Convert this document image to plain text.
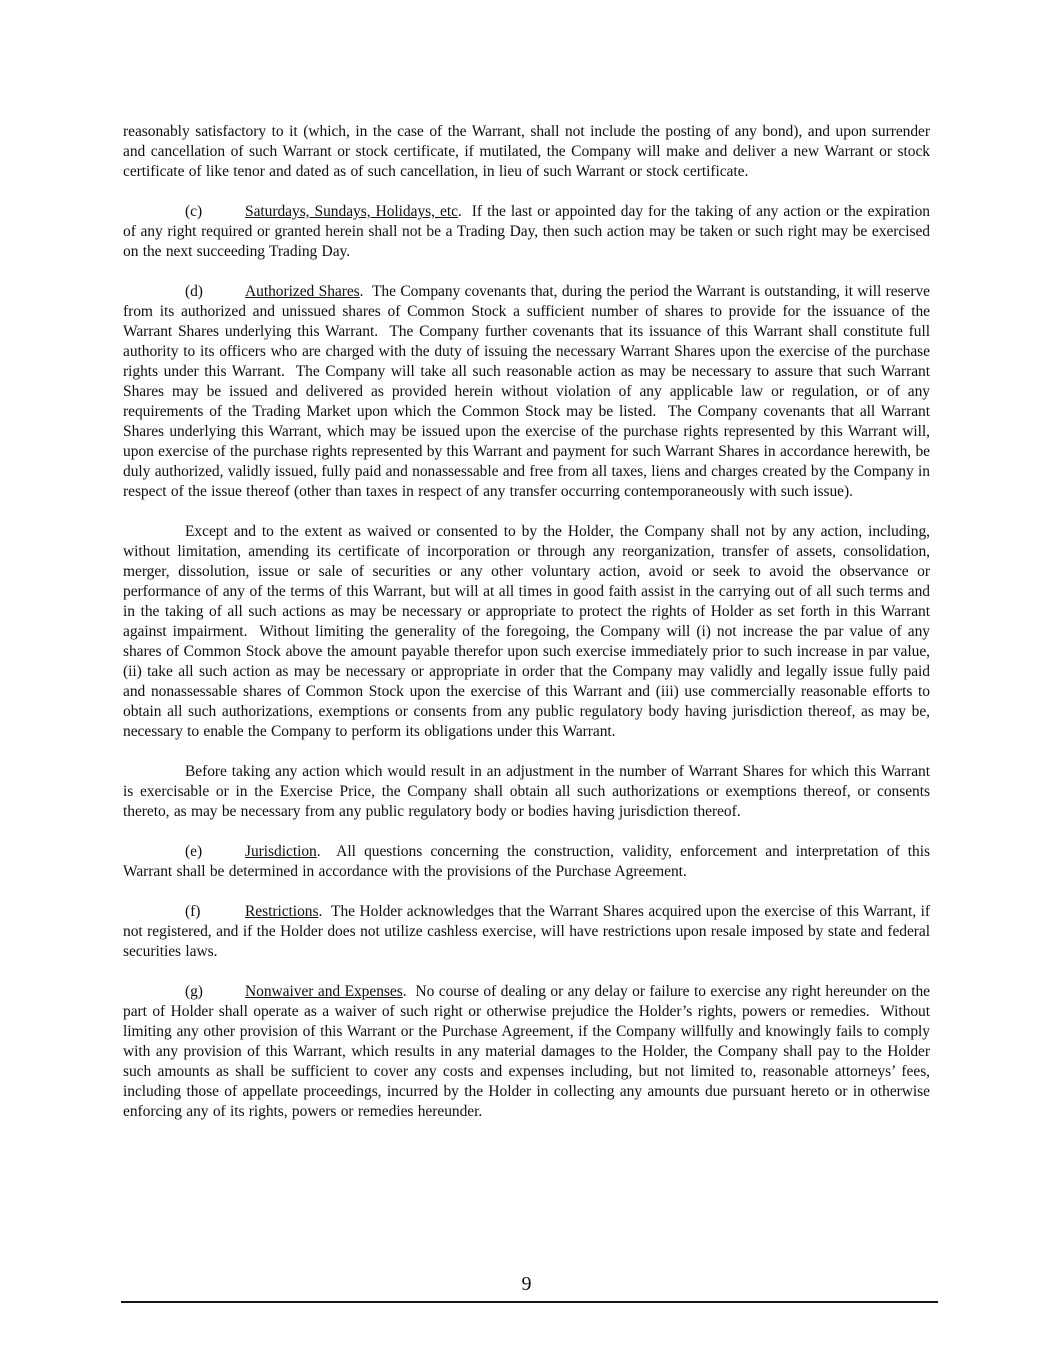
reasonably satisfactory to it (which, in the case of the Warrant, shall not include the posting of any bond), and upon surrender and cancellation of such Warrant or stock certificate, if mutilated, the Company will make and deliver a new Warrant or stock certificate of like tenor and dated as of such cancellation, in lieu of such Warrant or stock certificate.

(c)	Saturdays, Sundays, Holidays, etc.  If the last or appointed day for the taking of any action or the expiration of any right required or granted herein shall not be a Trading Day, then such action may be taken or such right may be exercised on the next succeeding Trading Day.

(d)	Authorized Shares.  The Company covenants that, during the period the Warrant is outstanding, it will reserve from its authorized and unissued shares of Common Stock a sufficient number of shares to provide for the issuance of the Warrant Shares underlying this Warrant.  The Company further covenants that its issuance of this Warrant shall constitute full authority to its officers who are charged with the duty of issuing the necessary Warrant Shares upon the exercise of the purchase rights under this Warrant.  The Company will take all such reasonable action as may be necessary to assure that such Warrant Shares may be issued and delivered as provided herein without violation of any applicable law or regulation, or of any requirements of the Trading Market upon which the Common Stock may be listed.  The Company covenants that all Warrant Shares underlying this Warrant, which may be issued upon the exercise of the purchase rights represented by this Warrant will, upon exercise of the purchase rights represented by this Warrant and payment for such Warrant Shares in accordance herewith, be duly authorized, validly issued, fully paid and nonassessable and free from all taxes, liens and charges created by the Company in respect of the issue thereof (other than taxes in respect of any transfer occurring contemporaneously with such issue).

Except and to the extent as waived or consented to by the Holder, the Company shall not by any action, including, without limitation, amending its certificate of incorporation or through any reorganization, transfer of assets, consolidation, merger, dissolution, issue or sale of securities or any other voluntary action, avoid or seek to avoid the observance or performance of any of the terms of this Warrant, but will at all times in good faith assist in the carrying out of all such terms and in the taking of all such actions as may be necessary or appropriate to protect the rights of Holder as set forth in this Warrant against impairment.  Without limiting the generality of the foregoing, the Company will (i) not increase the par value of any shares of Common Stock above the amount payable therefor upon such exercise immediately prior to such increase in par value, (ii) take all such action as may be necessary or appropriate in order that the Company may validly and legally issue fully paid and nonassessable shares of Common Stock upon the exercise of this Warrant and (iii) use commercially reasonable efforts to obtain all such authorizations, exemptions or consents from any public regulatory body having jurisdiction thereof, as may be, necessary to enable the Company to perform its obligations under this Warrant.

Before taking any action which would result in an adjustment in the number of Warrant Shares for which this Warrant is exercisable or in the Exercise Price, the Company shall obtain all such authorizations or exemptions thereof, or consents thereto, as may be necessary from any public regulatory body or bodies having jurisdiction thereof.

(e)	Jurisdiction.  All questions concerning the construction, validity, enforcement and interpretation of this Warrant shall be determined in accordance with the provisions of the Purchase Agreement.

(f)	Restrictions.  The Holder acknowledges that the Warrant Shares acquired upon the exercise of this Warrant, if not registered, and if the Holder does not utilize cashless exercise, will have restrictions upon resale imposed by state and federal securities laws.

(g)	Nonwaiver and Expenses.  No course of dealing or any delay or failure to exercise any right hereunder on the part of Holder shall operate as a waiver of such right or otherwise prejudice the Holder’s rights, powers or remedies.  Without limiting any other provision of this Warrant or the Purchase Agreement, if the Company willfully and knowingly fails to comply with any provision of this Warrant, which results in any material damages to the Holder, the Company shall pay to the Holder such amounts as shall be sufficient to cover any costs and expenses including, but not limited to, reasonable attorneys’ fees, including those of appellate proceedings, incurred by the Holder in collecting any amounts due pursuant hereto or in otherwise enforcing any of its rights, powers or remedies hereunder.

9
